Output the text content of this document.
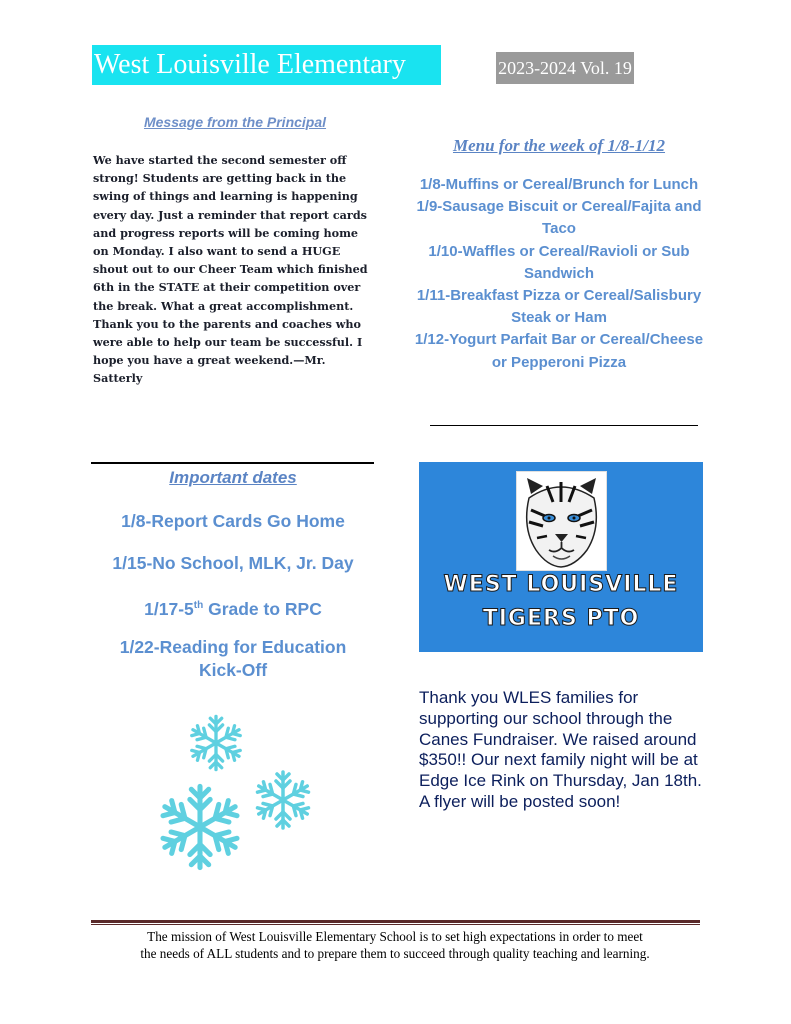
West Louisville Elementary	2023-2024 Vol. 19
Message from the Principal
We have started the second semester off strong! Students are getting back in the swing of things and learning is happening every day. Just a reminder that report cards and progress reports will be coming home on Monday. I also want to send a HUGE shout out to our Cheer Team which finished 6th in the STATE at their competition over the break. What a great accomplishment. Thank you to the parents and coaches who were able to help our team be successful. I hope you have a great weekend.—Mr. Satterly
Menu for the week of 1/8-1/12
1/8-Muffins or Cereal/Brunch for Lunch
1/9-Sausage Biscuit or Cereal/Fajita and Taco
1/10-Waffles or Cereal/Ravioli or Sub Sandwich
1/11-Breakfast Pizza or Cereal/Salisbury Steak or Ham
1/12-Yogurt Parfait Bar or Cereal/Cheese or Pepperoni Pizza
Important dates
1/8-Report Cards Go Home
1/15-No School, MLK, Jr. Day
1/17-5th Grade to RPC
1/22-Reading for Education Kick-Off
WEST LOUISVILLE
TIGERS PTO
Thank you WLES families for supporting our school through the Canes Fundraiser. We raised around $350!! Our next family night will be at Edge Ice Rink on Thursday, Jan 18th. A flyer will be posted soon!
The mission of West Louisville Elementary School is to set high expectations in order to meet the needs of ALL students and to prepare them to succeed through quality teaching and learning.
